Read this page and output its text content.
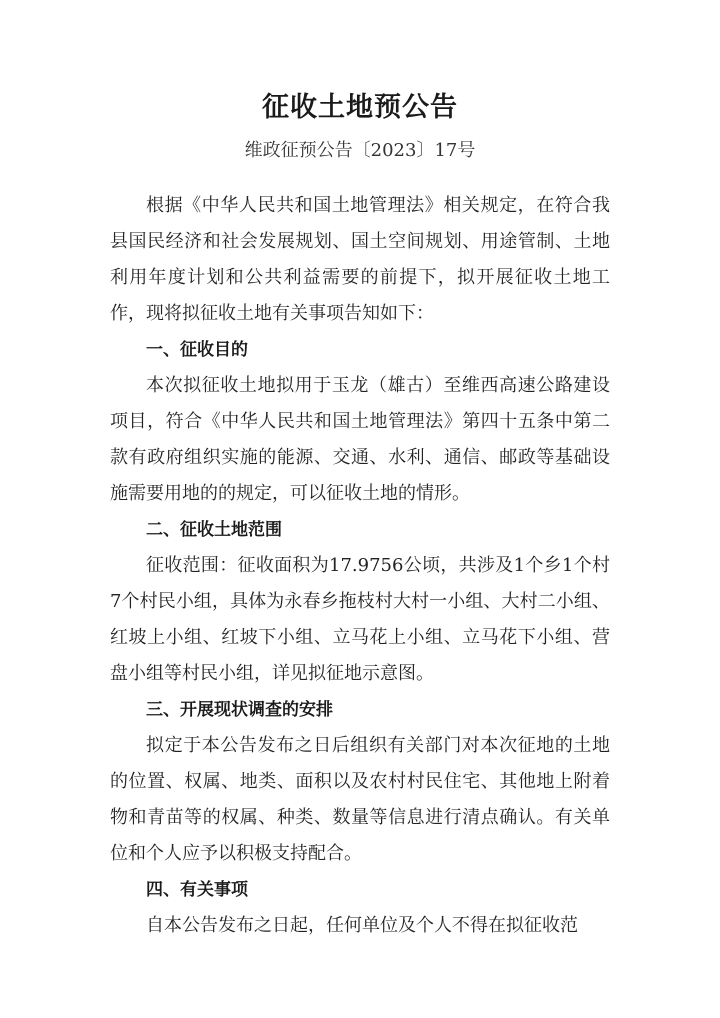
征收土地预公告
维政征预公告〔2023〕17号

根据《中华人民共和国土地管理法》相关规定，在符合我县国民经济和社会发展规划、国土空间规划、用途管制、土地利用年度计划和公共利益需要的前提下，拟开展征收土地工作，现将拟征收土地有关事项告知如下：

一、征收目的

本次拟征收土地拟用于玉龙（雄古）至维西高速公路建设项目，符合《中华人民共和国土地管理法》第四十五条中第二款有政府组织实施的能源、交通、水利、通信、邮政等基础设施需要用地的的规定，可以征收土地的情形。

二、征收土地范围

征收范围：征收面积为17.9756公顷，共涉及1个乡1个村7个村民小组，具体为永春乡拖枝村大村一小组、大村二小组、红坡上小组、红坡下小组、立马花上小组、立马花下小组、营盘小组等村民小组，详见拟征地示意图。

三、开展现状调查的安排

拟定于本公告发布之日后组织有关部门对本次征地的土地的位置、权属、地类、面积以及农村村民住宅、其他地上附着物和青苗等的权属、种类、数量等信息进行清点确认。有关单位和个人应予以积极支持配合。

四、有关事项

自本公告发布之日起，任何单位及个人不得在拟征收范
